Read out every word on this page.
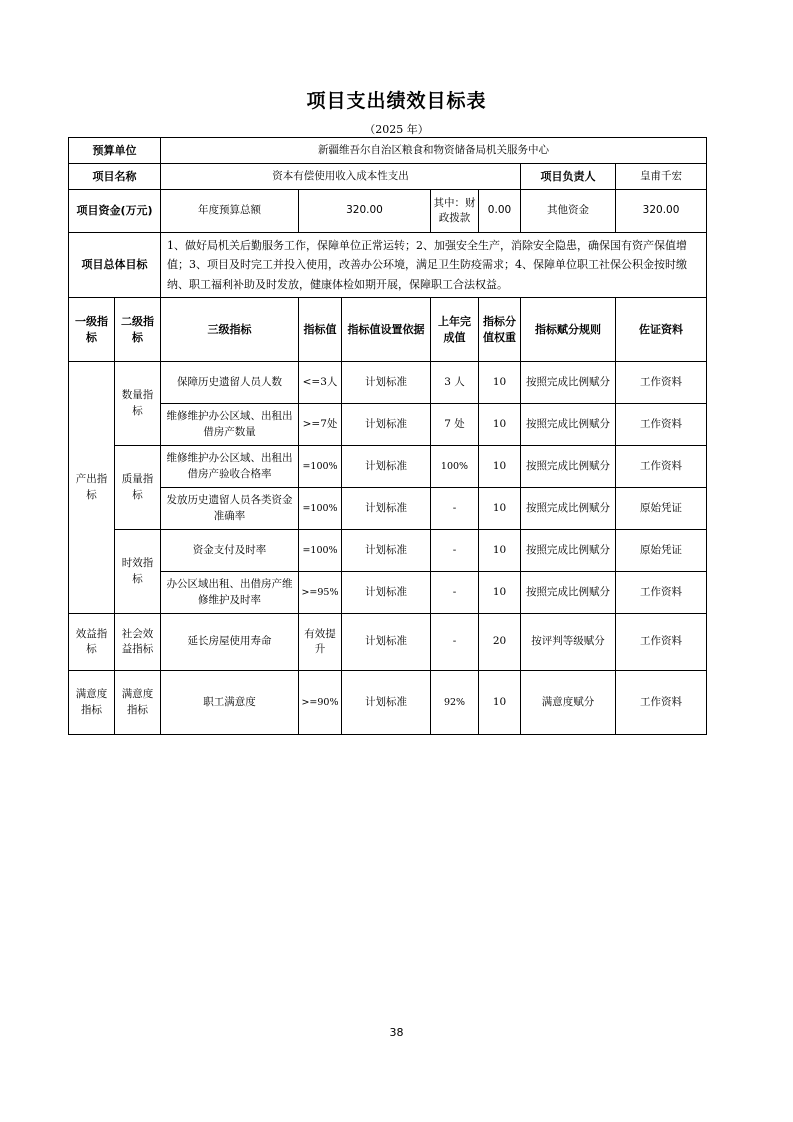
项目支出绩效目标表
（2025 年）
预算单位		新疆维吾尔自治区粮食和物资储备局机关服务中心						
项目名称		资本有偿使用收入成本性支出					项目负责人	皇甫千宏
项目资金(万元)		年度预算总额	320.00		其中：财政拨款	0.00	其他资金	320.00
项目总体目标		1、做好局机关后勤服务工作，保障单位正常运转；2、加强安全生产，消除安全隐患，确保国有资产保值增值；3、项目及时完工并投入使用，改善办公环境，满足卫生防疫需求；4、保障单位职工社保公积金按时缴纳、职工福利补助及时发放，健康体检如期开展，保障职工合法权益。						
一级指标	二级指标	三级指标	指标值	指标值设置依据	上年完成值	指标分值权重	指标赋分规则	佐证资料
产出指标	数量指标	保障历史遗留人员人数	<=3人	计划标准	3 人	10	按照完成比例赋分	工作资料
		维修维护办公区域、出租出借房产数量	>=7处	计划标准	7 处	10	按照完成比例赋分	工作资料
	质量指标	维修维护办公区域、出租出借房产验收合格率	=100%	计划标准	100%	10	按照完成比例赋分	工作资料
		发放历史遗留人员各类资金准确率	=100%	计划标准	-	10	按照完成比例赋分	原始凭证
	时效指标	资金支付及时率	=100%	计划标准	-	10	按照完成比例赋分	原始凭证
		办公区域出租、出借房产维修维护及时率	>=95%	计划标准	-	10	按照完成比例赋分	工作资料
效益指标	社会效益指标	延长房屋使用寿命	有效提升	计划标准	-	20	按评判等级赋分	工作资料
满意度指标	满意度指标	职工满意度	>=90%	计划标准	92%	10	满意度赋分	工作资料
38
